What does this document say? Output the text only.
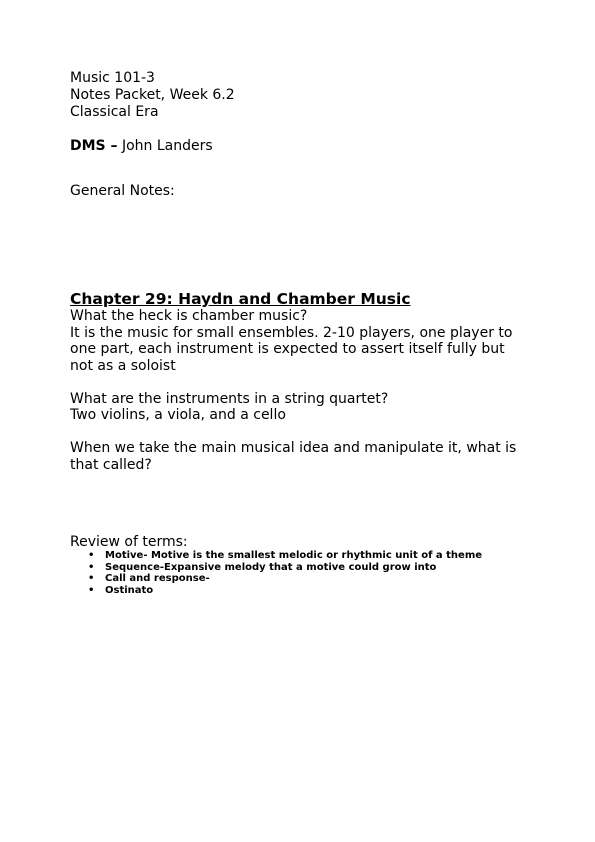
Music 101-3

Notes Packet, Week 6.2

Classical Era

DMS – John Landers

General Notes:

Chapter 29: Haydn and Chamber Music

What the heck is chamber music?

It is the music for small ensembles. 2-10 players, one player to one part, each instrument is expected to assert itself fully but not as a soloist

What are the instruments in a string quartet?

Two violins, a viola, and a cello

When we take the main musical idea and manipulate it, what is that called?

Review of terms:
• Motive- Motive is the smallest melodic or rhythmic unit of a theme
• Sequence-Expansive melody that a motive could grow into
• Call and response-
• Ostinato
